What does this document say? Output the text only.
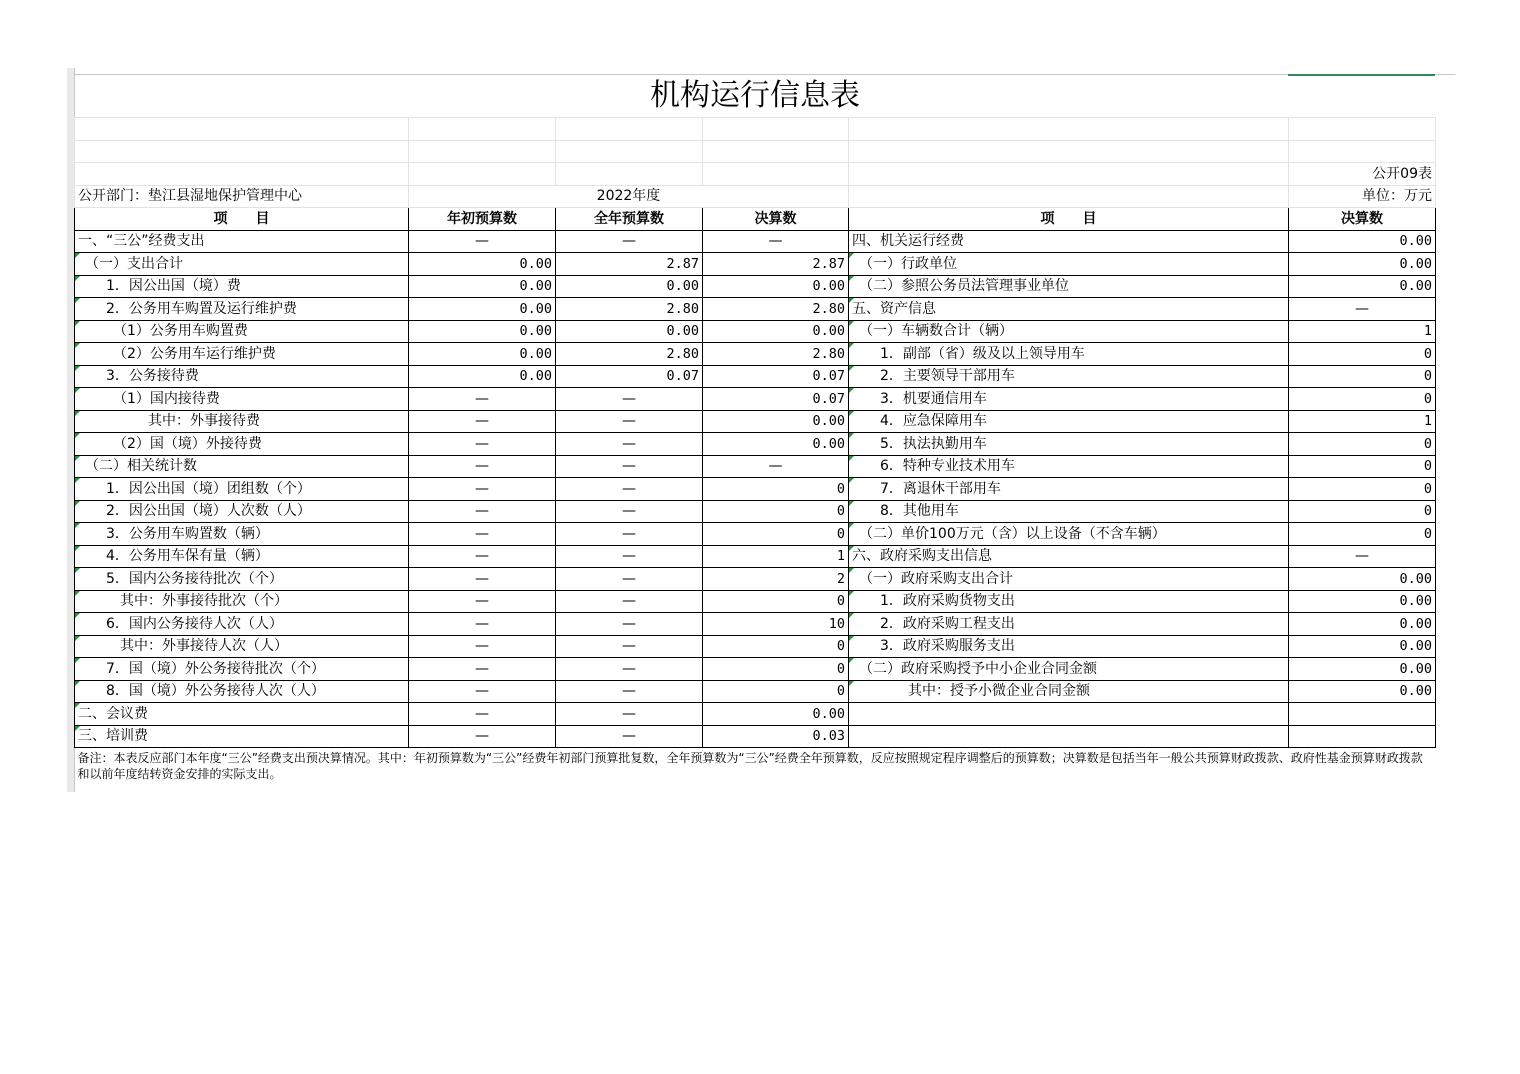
机构运行信息表					

					公开09表
公开部门：垫江县湿地保护管理中心	2022年度				单位：万元
项　　目	年初预算数	全年预算数	决算数	项　　目	决算数
一、“三公”经费支出	—	—	—	四、机关运行经费	0.00
　（一）支出合计	0.00	2.87	2.87	　（一）行政单位	0.00
　　1．因公出国（境）费	0.00	0.00	0.00	　（二）参照公务员法管理事业单位	0.00
　　2．公务用车购置及运行维护费	0.00	2.80	2.80	五、资产信息	—
　　　（1）公务用车购置费	0.00	0.00	0.00	　（一）车辆数合计（辆）	1
　　　（2）公务用车运行维护费	0.00	2.80	2.80	　　1．副部（省）级及以上领导用车	0
　　3．公务接待费	0.00	0.07	0.07	　　2．主要领导干部用车	0
　　　（1）国内接待费	—	—	0.07	　　3．机要通信用车	0
　　　　　其中：外事接待费	—	—	0.00	　　4．应急保障用车	1
　　　（2）国（境）外接待费	—	—	0.00	　　5．执法执勤用车	0
　（二）相关统计数	—	—	—	　　6．特种专业技术用车	0
　　1．因公出国（境）团组数（个）	—	—	0	　　7．离退休干部用车	0
　　2．因公出国（境）人次数（人）	—	—	0	　　8．其他用车	0
　　3．公务用车购置数（辆）	—	—	0	　（二）单价100万元（含）以上设备（不含车辆）	0
　　4．公务用车保有量（辆）	—	—	1	六、政府采购支出信息	—
　　5．国内公务接待批次（个）	—	—	2	　（一）政府采购支出合计	0.00
　　　其中：外事接待批次（个）	—	—	0	　　1．政府采购货物支出	0.00
　　6．国内公务接待人次（人）	—	—	10	　　2．政府采购工程支出	0.00
　　　其中：外事接待人次（人）	—	—	0	　　3．政府采购服务支出	0.00
　　7．国（境）外公务接待批次（个）	—	—	0	　（二）政府采购授予中小企业合同金额	0.00
　　8．国（境）外公务接待人次（人）	—	—	0	　　　　其中：授予小微企业合同金额	0.00
二、会议费	—	—	0.00		
三、培训费	—	—	0.03		
备注：本表反应部门本年度“三公”经费支出预决算情况。其中：年初预算数为“三公”经费年初部门预算批复数，全年预算数为“三公”经费全年预算数，反应按照规定程序调整后的预算数；决算数是包括当年一般公共预算财政拨款、政府性基金预算财政拨款和以前年度结转资金安排的实际支出。					
